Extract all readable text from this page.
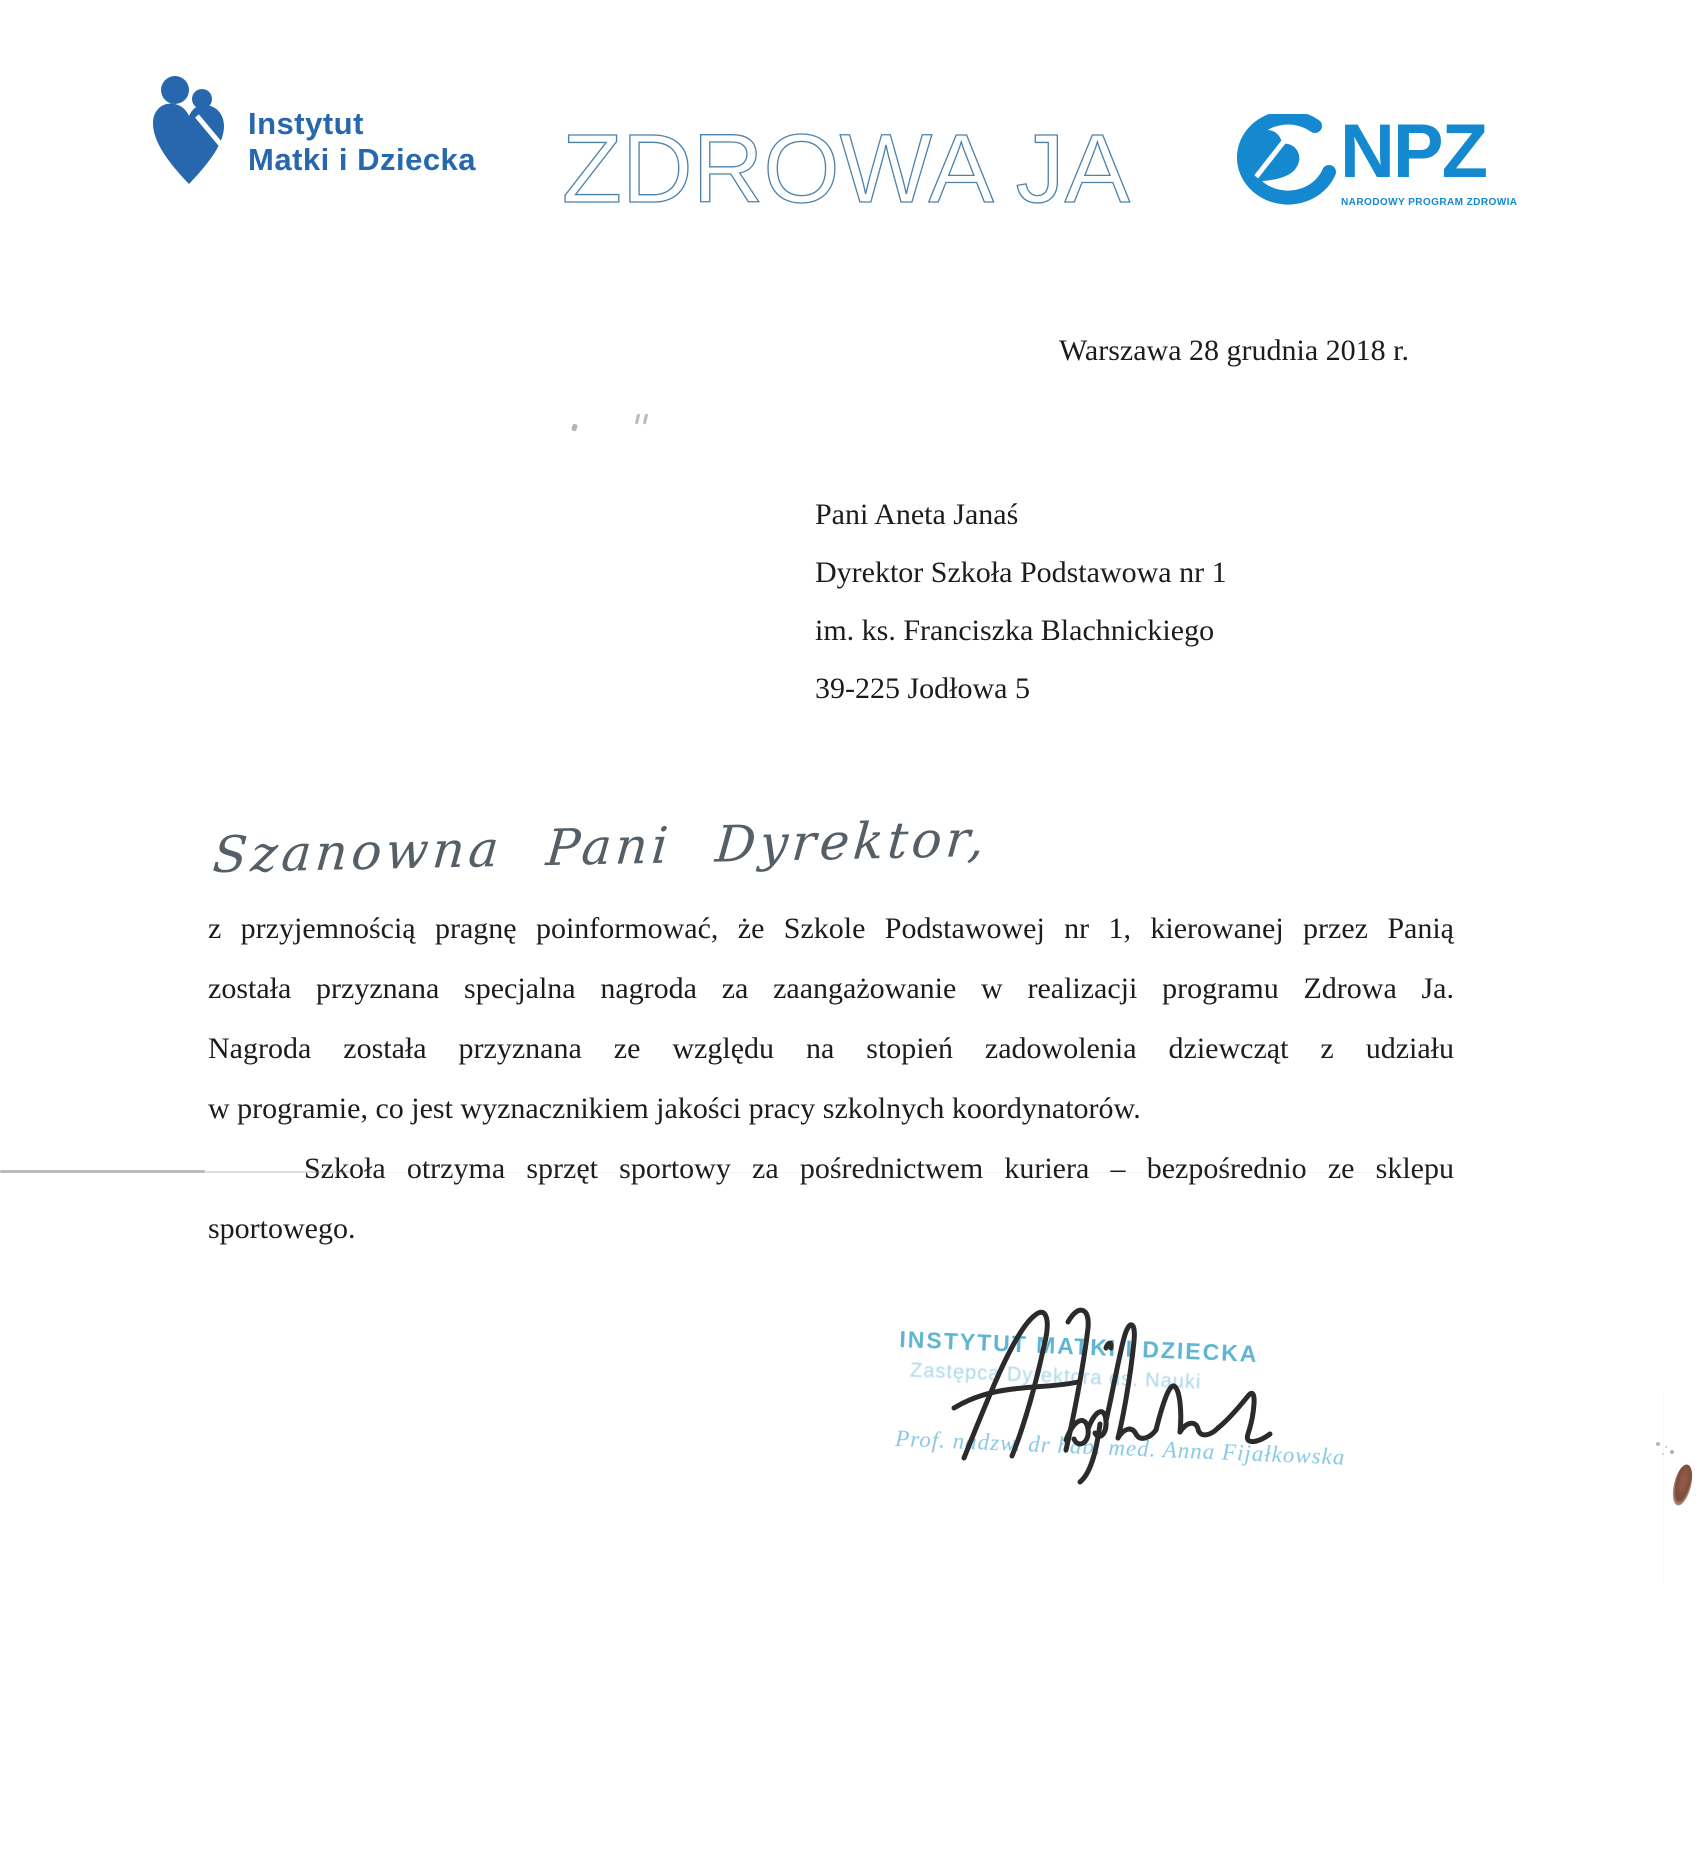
Instytut
Matki i Dziecka ZDROWA JA	NPZ
NARODOWY PROGRAM ZDROWIA
Warszawa 28 grudnia 2018 r.
Pani Aneta Janaś
Dyrektor Szkoła Podstawowa nr 1
im. ks. Franciszka Blachnickiego
39-225 Jodłowa 5
Szanowna Pani Dyrektor,
z przyjemnością pragnę poinformować, że Szkole Podstawowej nr 1, kierowanej przez Panią
została przyznana specjalna nagroda za zaangażowanie w realizacji programu Zdrowa Ja.
Nagroda została przyznana ze względu na stopień zadowolenia dziewcząt z udziału
w programie, co jest wyznacznikiem jakości pracy szkolnych koordynatorów.
Szkoła otrzyma sprzęt sportowy za pośrednictwem kuriera – bezpośrednio ze sklepu
sportowego.
INSTYTUT MATKI I DZIECKA
Zastępca Dyrektora ds. Nauki
Prof. nadzw. dr hab. med. Anna Fijałkowska
